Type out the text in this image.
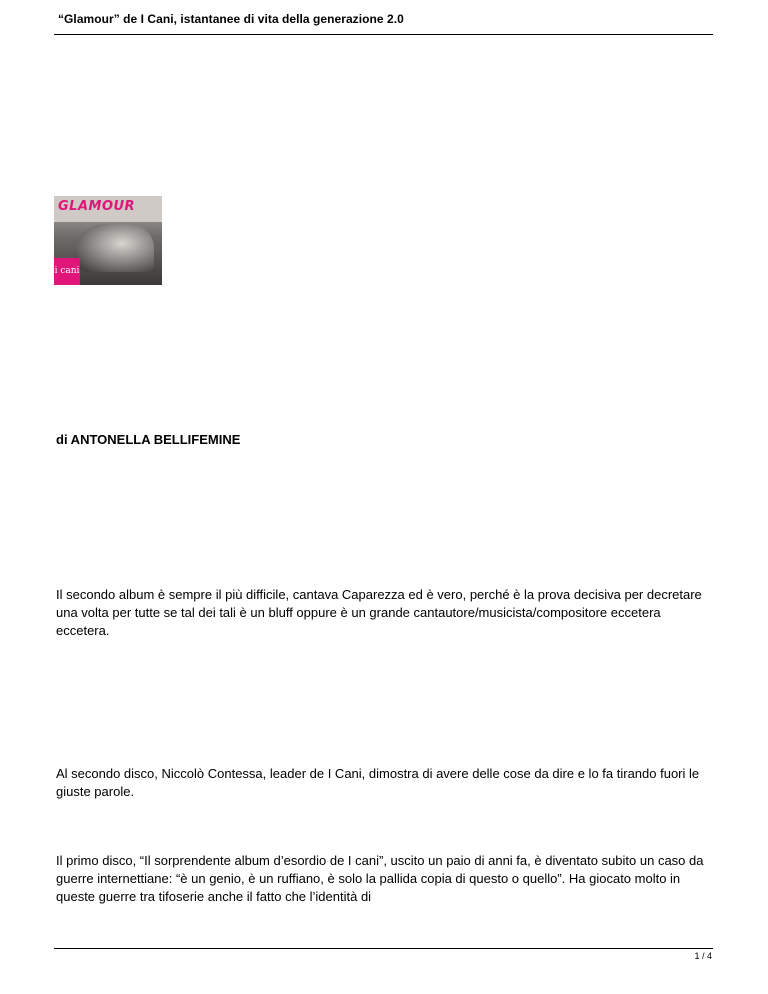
“Glamour” de I Cani, istantanee di vita della generazione 2.0
GLAMOUR
i cani
di ANTONELLA BELLIFEMINE

Il secondo album è sempre il più difficile, cantava Caparezza ed è vero, perché è la prova decisiva per decretare una volta per tutte se tal dei tali è un bluff oppure è un grande cantautore/musicista/compositore eccetera eccetera.

Al secondo disco, Niccolò Contessa, leader de I Cani, dimostra di avere delle cose da dire e lo fa tirando fuori le giuste parole.

Il primo disco, “Il sorprendente album d’esordio de I cani”, uscito un paio di anni fa, è diventato subito un caso da guerre internettiane: “è un genio, è un ruffiano, è solo la pallida copia di questo o quello”. Ha giocato molto in queste guerre tra tifoserie anche il fatto che l’identità di

1 / 4
